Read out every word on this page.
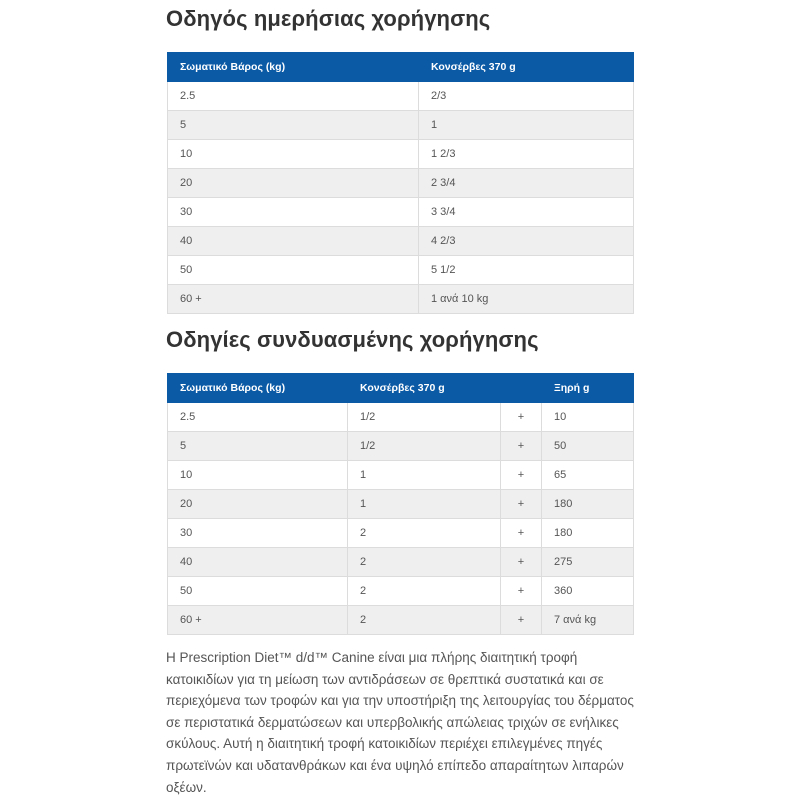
Οδηγός ημερήσιας χορήγησης
Σωματικό Βάρος (kg)	Κονσέρβες 370 g
2.5	2/3
5	1
10	1 2/3
20	2 3/4
30	3 3/4
40	4 2/3
50	5 1/2
60 +	1 ανά 10 kg
Οδηγίες συνδυασμένης χορήγησης
Σωματικό Βάρος (kg)	Κονσέρβες 370 g		Ξηρή g
2.5	1/2	+	10
5	1/2	+	50
10	1	+	65
20	1	+	180
30	2	+	180
40	2	+	275
50	2	+	360
60 +	2	+	7 ανά kg

Η Prescription Diet™ d/d™ Canine είναι μια πλήρης διαιτητική τροφή κατοικιδίων για τη μείωση των αντιδράσεων σε θρεπτικά συστατικά και σε περιεχόμενα των τροφών και για την υποστήριξη της λειτουργίας του δέρματος σε περιστατικά δερματώσεων και υπερβολικής απώλειας τριχών σε ενήλικες σκύλους. Αυτή η διαιτητική τροφή κατοικιδίων περιέχει επιλεγμένες πηγές πρωτεϊνών και υδατανθράκων και ένα υψηλό επίπεδο απαραίτητων λιπαρών οξέων.
